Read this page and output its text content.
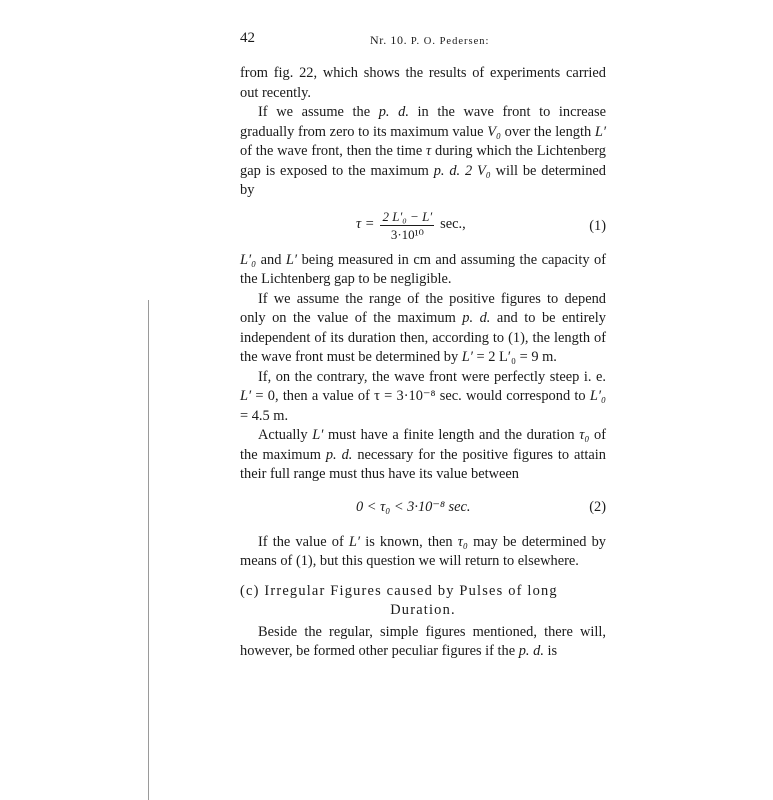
42	Nr. 10. P. O. Pedersen:

from fig. 22, which shows the results of experiments carried out recently.

If we assume the p. d. in the wave front to increase gradually from zero to its maximum value V₀ over the length L′ of the wave front, then the time τ during which the Lichtenberg gap is exposed to the maximum p. d. 2 V₀ will be determined by

$\tau = \frac{\text{2 L′₀ − L′}}{\text{3·10¹⁰}} \sec$.,	(1)

L′₀ and L′ being measured in cm and assuming the capacity of the Lichtenberg gap to be negligible.

If we assume the range of the positive figures to depend only on the value of the maximum p. d. and to be entirely independent of its duration then, according to (1), the length of the wave front must be determined by L′ = 2 L′₀ = 9 m.

If, on the contrary, the wave front were perfectly steep i. e. L′ = 0, then a value of τ = 3·10⁻⁸ sec. would correspond to L′₀ = 4.5 m.

Actually L′ must have a finite length and the duration τ₀ of the maximum p. d. necessary for the positive figures to attain their full range must thus have its value between

0 < τ₀ < 3·10⁻⁸ sec.	(2)

If the value of L′ is known, then τ₀ may be determined by means of (1), but this question we will return to elsewhere.

(c) Irregular Figures caused by Pulses of long
Duration.

Beside the regular, simple figures mentioned, there will, however, be formed other peculiar figures if the p. d. is
